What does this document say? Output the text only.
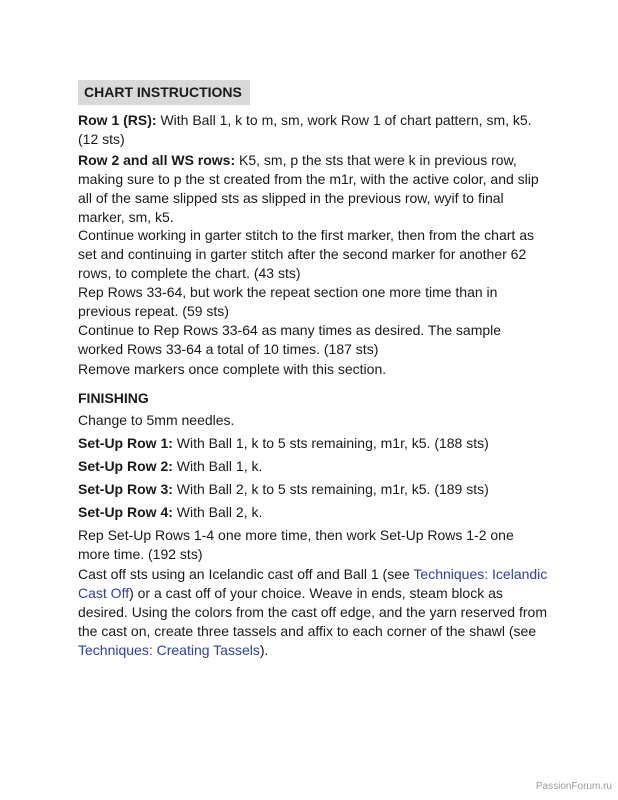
CHART INSTRUCTIONS
Row 1 (RS): With Ball 1, k to m, sm, work Row 1 of chart pattern, sm, k5. (12 sts)
Row 2 and all WS rows: K5, sm, p the sts that were k in previous row, making sure to p the st created from the m1r, with the active color, and slip all of the same slipped sts as slipped in the previous row, wyif to final marker, sm, k5.
Continue working in garter stitch to the first marker, then from the chart as set and continuing in garter stitch after the second marker for another 62 rows, to complete the chart. (43 sts)
Rep Rows 33-64, but work the repeat section one more time than in previous repeat. (59 sts)
Continue to Rep Rows 33-64 as many times as desired. The sample worked Rows 33-64 a total of 10 times. (187 sts)
Remove markers once complete with this section.
FINISHING
Change to 5mm needles.
Set-Up Row 1: With Ball 1, k to 5 sts remaining, m1r, k5. (188 sts)
Set-Up Row 2: With Ball 1, k.
Set-Up Row 3: With Ball 2, k to 5 sts remaining, m1r, k5. (189 sts)
Set-Up Row 4: With Ball 2, k.
Rep Set-Up Rows 1-4 one more time, then work Set-Up Rows 1-2 one more time. (192 sts)
Cast off sts using an Icelandic cast off and Ball 1 (see Techniques: Icelandic Cast Off) or a cast off of your choice. Weave in ends, steam block as desired. Using the colors from the cast off edge, and the yarn reserved from the cast on, create three tassels and affix to each corner of the shawl (see Techniques: Creating Tassels).
PassionForum.ru
